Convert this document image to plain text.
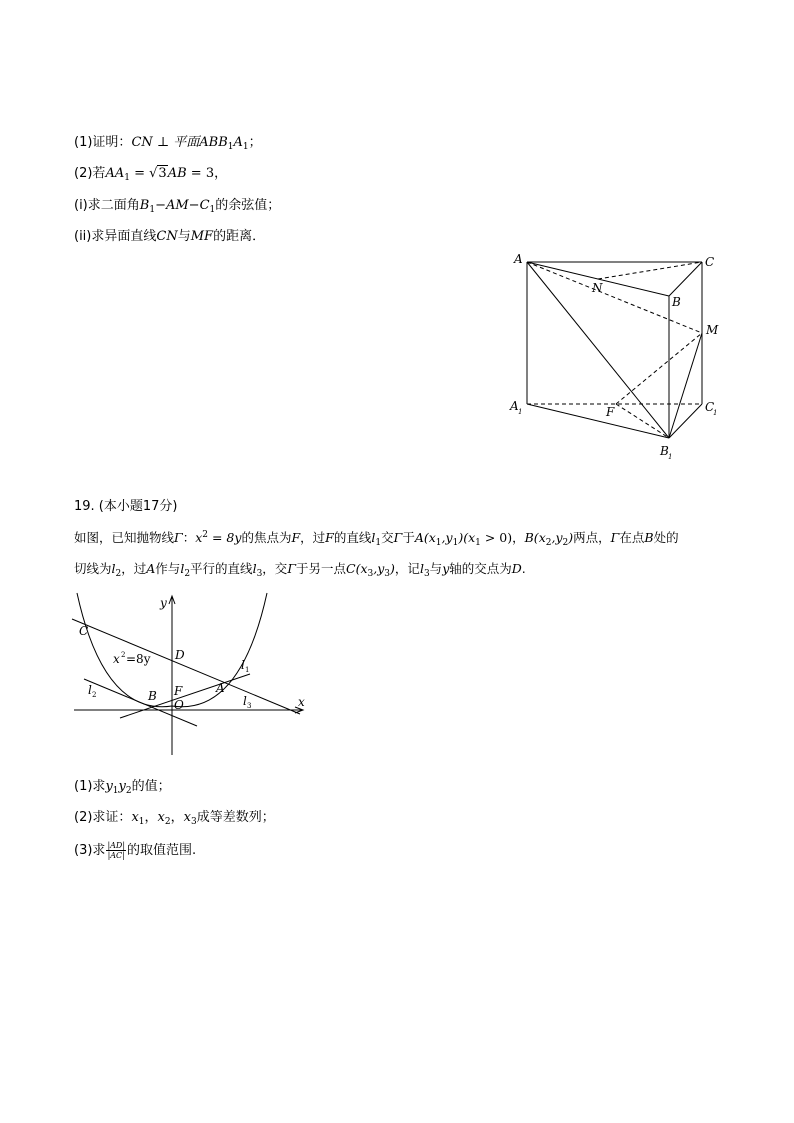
(1)证明：CN ⊥ 平面$ABB_1A_1$；
(2)若$AA_1 = √3AB = 3$，
(i)求二面角$B_1-AM-C_1$的余弦值；
(ii)求异面直线CN与MF的距离．
A	C
N
B
M
A 1	F	C
1
B 1
19. (本小题17分)
如图，已知抛物线Γ：$x^2 = 8y$的焦点为F，过F的直线$l_1$交Γ于$A(x_1,y_1)(x_1 > 0)$，$B(x_2,y_2)$两点，Γ在点B处的
切线为$l_2$，过A作与$l_2$平行的直线$l_3$，交Γ于另一点$C(x_3,y_3)$，记$l_3$与y轴的交点为D.
y
C
D
x 2 =8y	l 1
l 2	B F	A
O	l 3	x
(1)求$y_1y_2$的值；
(2)求证：$x_1$，$x_2$，$x_3$成等差数列；
(3)求 $\frac{|AD|}{|AC|}$ 的取值范围.
